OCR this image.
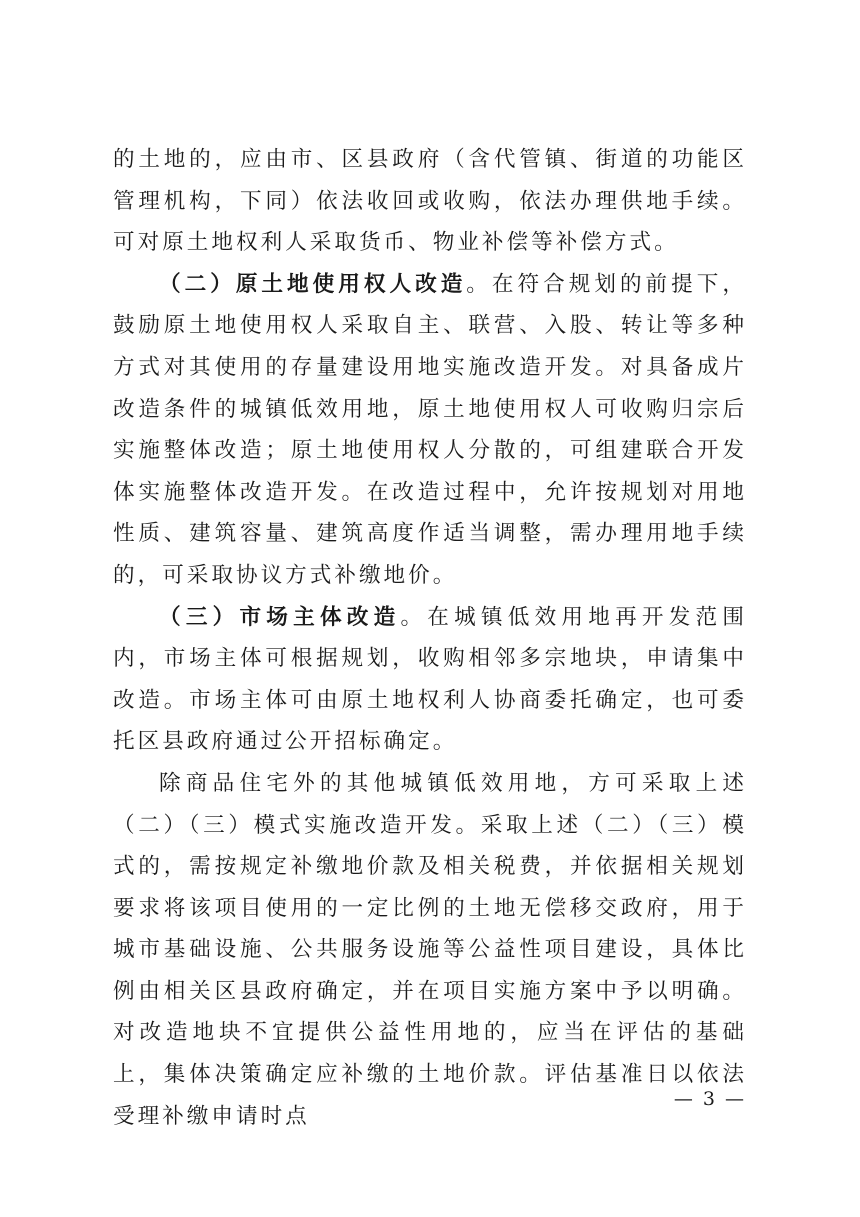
的土地的，应由市、区县政府（含代管镇、街道的功能区管理机构，下同）依法收回或收购，依法办理供地手续。可对原土地权利人采取货币、物业补偿等补偿方式。

（二）原土地使用权人改造。在符合规划的前提下，鼓励原土地使用权人采取自主、联营、入股、转让等多种方式对其使用的存量建设用地实施改造开发。对具备成片改造条件的城镇低效用地，原土地使用权人可收购归宗后实施整体改造；原土地使用权人分散的，可组建联合开发体实施整体改造开发。在改造过程中，允许按规划对用地性质、建筑容量、建筑高度作适当调整，需办理用地手续的，可采取协议方式补缴地价。

（三）市场主体改造。在城镇低效用地再开发范围内，市场主体可根据规划，收购相邻多宗地块，申请集中改造。市场主体可由原土地权利人协商委托确定，也可委托区县政府通过公开招标确定。

除商品住宅外的其他城镇低效用地，方可采取上述（二）（三）模式实施改造开发。采取上述（二）（三）模式的，需按规定补缴地价款及相关税费，并依据相关规划要求将该项目使用的一定比例的土地无偿移交政府，用于城市基础设施、公共服务设施等公益性项目建设，具体比例由相关区县政府确定，并在项目实施方案中予以明确。对改造地块不宜提供公益性用地的，应当在评估的基础上，集体决策确定应补缴的土地价款。评估基准日以依法受理补缴申请时点

— 3 —
